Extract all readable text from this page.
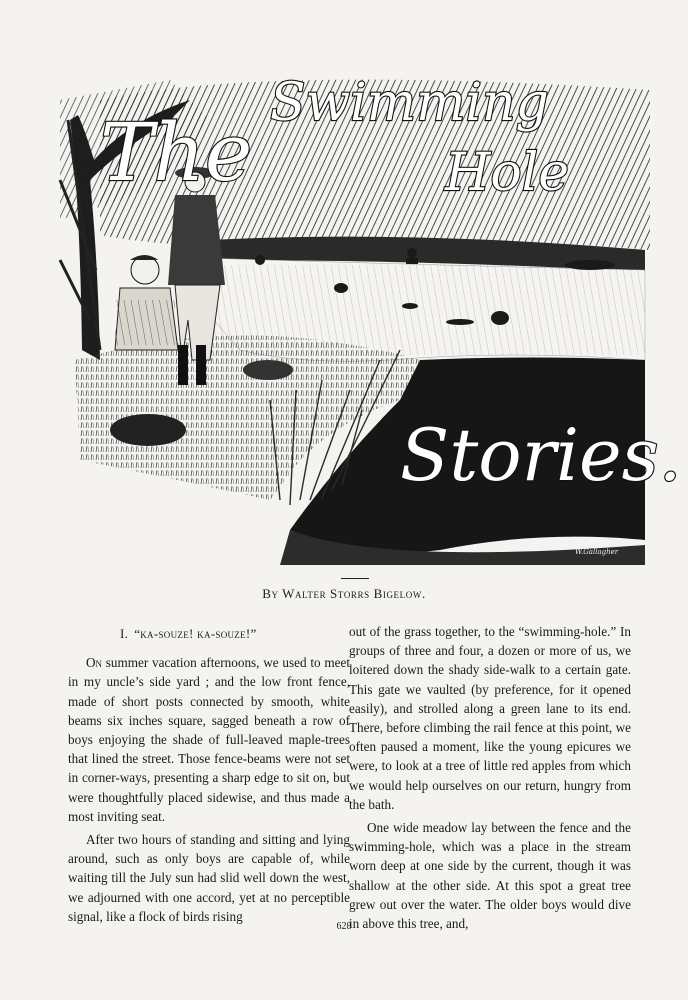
The
Swimming
Hole
Stories.
W.Gallagher
By Walter Storrs Bigelow.
I. “ka-souze! ka-souze!”

On summer vacation afternoons, we used to meet in my uncle’s side yard ; and the low front fence, made of short posts connected by smooth, white beams six inches square, sagged beneath a row of boys enjoying the shade of full-leaved maple-trees that lined the street. Those fence-beams were not set in corner-ways, presenting a sharp edge to sit on, but were thoughtfully placed sidewise, and thus made a most inviting seat.

After two hours of standing and sitting and lying around, such as only boys are capable of, while waiting till the July sun had slid well down the west, we adjourned with one accord, yet at no perceptible signal, like a flock of birds rising

out of the grass together, to the “swimming-hole.” In groups of three and four, a dozen or more of us, we loitered down the shady side-walk to a certain gate. This gate we vaulted (by preference, for it opened easily), and strolled along a green lane to its end. There, before climbing the rail fence at this point, we often paused a moment, like the young epicures we were, to look at a tree of little red apples from which we would help ourselves on our return, hungry from the bath.

One wide meadow lay between the fence and the swimming-hole, which was a place in the stream worn deep at one side by the current, though it was shallow at the other side. At this spot a great tree grew out over the water. The older boys would dive in above this tree, and,

628
